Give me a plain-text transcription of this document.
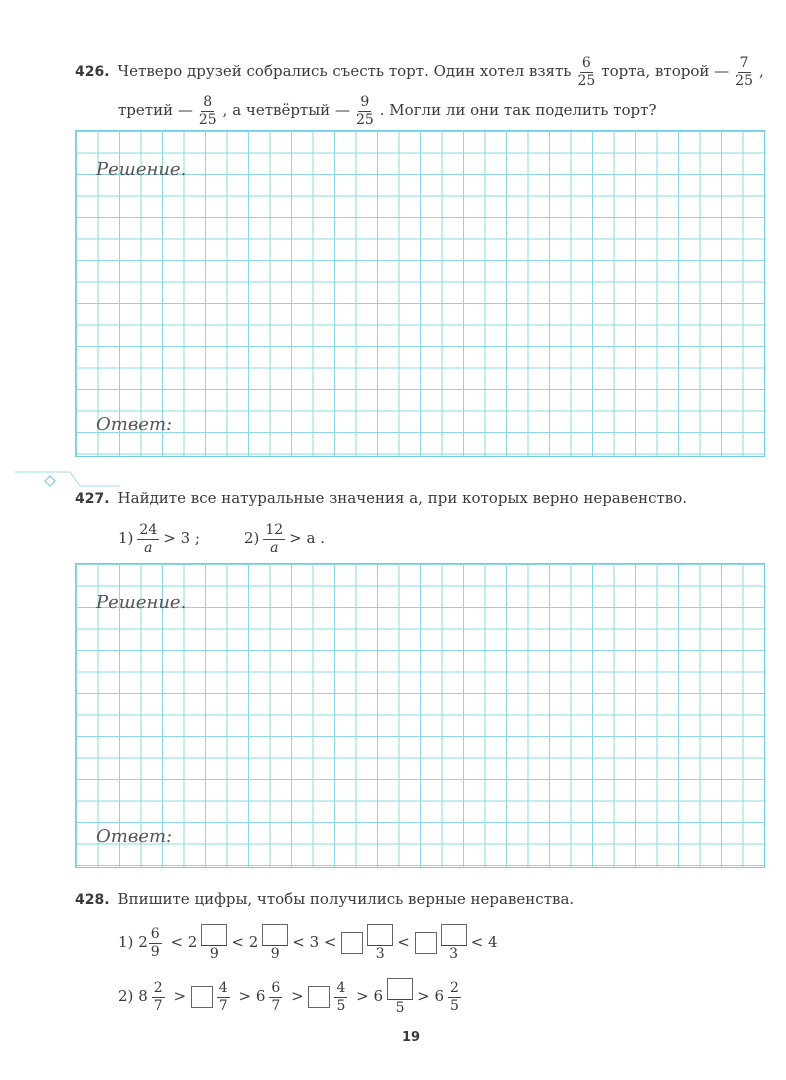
426. Четверо друзей собрались съесть торт. Один хотел взять $\frac{6}{25}$ торта, второй — $\frac{7}{25}$ ,
третий — $\frac{8}{25}$ , а четвёртый — $\frac{9}{25}$ . Могли ли они так поделить торт?
Решение.
Ответ:
427. Найдите все натуральные значения a, при которых верно неравенство.
$1) \frac{24}{a} > 3$ ;	$2) \frac{12}{a} > a$ .
Решение.
Ответ:
428. Впишите цифры, чтобы получились верные неравенства.
1) $2 \frac{6}{9} < 2$
9
< 2
9
< 3 <
3
<
3
< 4
2) $8 \frac{2}{7} > \frac{4}{7} > 6 \frac{6}{7} > \frac{4}{5} > 6$
5
> $6 \frac{2}{5}$
19
